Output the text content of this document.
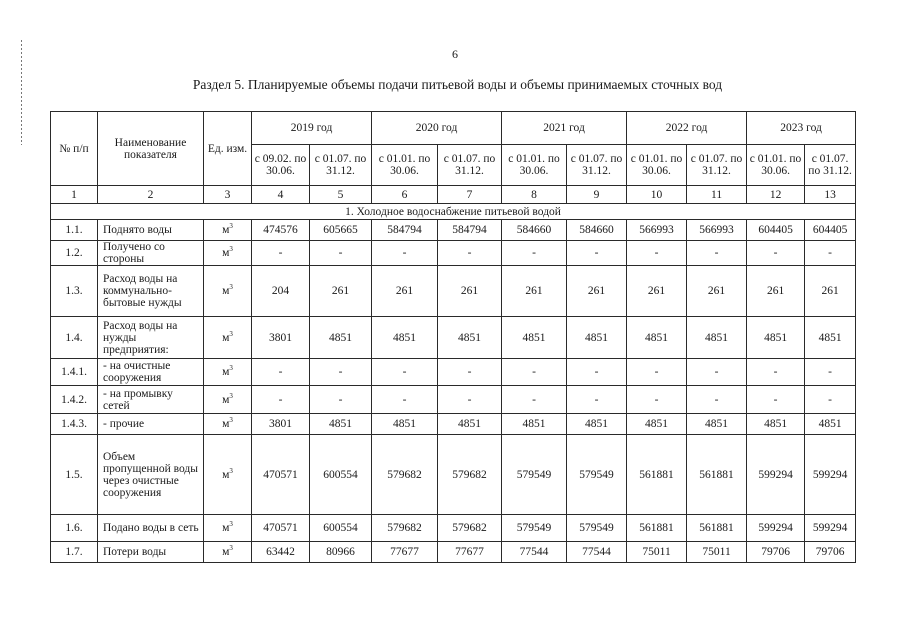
6
Раздел 5. Планируемые объемы подачи питьевой воды и объемы принимаемых сточных вод
№ п/п	Наименование показателя	Ед. изм.	2019 год		2020 год		2021 год		2022 год		2023 год	
			с 09.02. по 30.06.	с 01.07. по 31.12.	с 01.01. по 30.06.	с 01.07. по 31.12.	с 01.01. по 30.06.	с 01.07. по 31.12.	с 01.01. по 30.06.	с 01.07. по 31.12.	с 01.01. по 30.06.	с 01.07. по 31.12.
1	2	3	4	5	6	7	8	9	10	11	12	13
1. Холодное водоснабжение питьевой водой												
1.1.	Поднято воды	$м^3$	474576	605665	584794	584794	584660	584660	566993	566993	604405	604405
1.2.	Получено со стороны	$м^3$	-	-	-	-	-	-	-	-	-	-
1.3.	Расход воды на коммунально-бытовые нужды	$м^3$	204	261	261	261	261	261	261	261	261	261
1.4.	Расход воды на нужды предприятия:	$м^3$	3801	4851	4851	4851	4851	4851	4851	4851	4851	4851
1.4.1.	- на очистные сооружения	$м^3$	-	-	-	-	-	-	-	-	-	-
1.4.2.	- на промывку сетей	$м^3$	-	-	-	-	-	-	-	-	-	-
1.4.3.	- прочие	$м^3$	3801	4851	4851	4851	4851	4851	4851	4851	4851	4851
1.5.	Объем пропущенной воды через очистные сооружения	$м^3$	470571	600554	579682	579682	579549	579549	561881	561881	599294	599294
1.6.	Подано воды в сеть	$м^3$	470571	600554	579682	579682	579549	579549	561881	561881	599294	599294
1.7.	Потери воды	$м^3$	63442	80966	77677	77677	77544	77544	75011	75011	79706	79706
